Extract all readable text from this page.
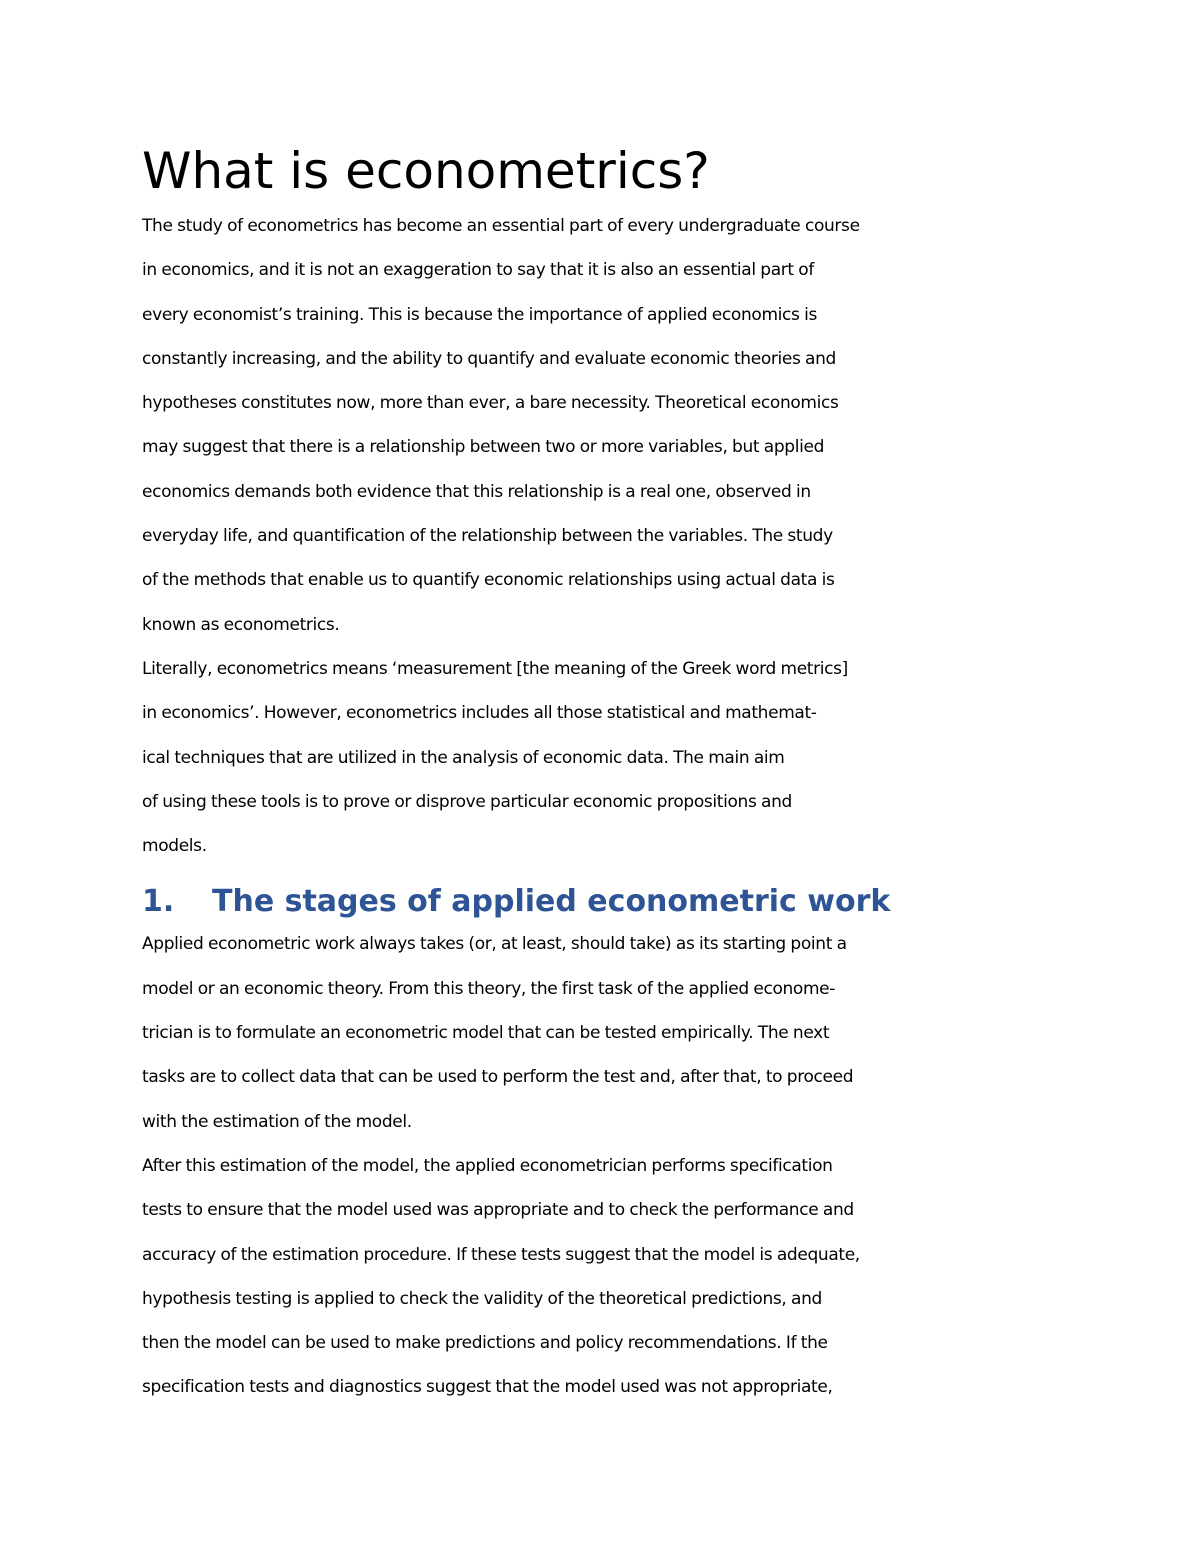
What is econometrics?
The study of econometrics has become an essential part of every undergraduate course
in economics, and it is not an exaggeration to say that it is also an essential part of
every economist’s training. This is because the importance of applied economics is
constantly increasing, and the ability to quantify and evaluate economic theories and
hypotheses constitutes now, more than ever, a bare necessity. Theoretical economics
may suggest that there is a relationship between two or more variables, but applied
economics demands both evidence that this relationship is a real one, observed in
everyday life, and quantification of the relationship between the variables. The study
of the methods that enable us to quantify economic relationships using actual data is
known as econometrics.
Literally, econometrics means ‘measurement [the meaning of the Greek word metrics]
in economics’. However, econometrics includes all those statistical and mathemat-
ical techniques that are utilized in the analysis of economic data. The main aim
of using these tools is to prove or disprove particular economic propositions and
models.
1.	The stages of applied econometric work
Applied econometric work always takes (or, at least, should take) as its starting point a
model or an economic theory. From this theory, the first task of the applied econome-
trician is to formulate an econometric model that can be tested empirically. The next
tasks are to collect data that can be used to perform the test and, after that, to proceed
with the estimation of the model.
After this estimation of the model, the applied econometrician performs specification
tests to ensure that the model used was appropriate and to check the performance and
accuracy of the estimation procedure. If these tests suggest that the model is adequate,
hypothesis testing is applied to check the validity of the theoretical predictions, and
then the model can be used to make predictions and policy recommendations. If the
specification tests and diagnostics suggest that the model used was not appropriate,
